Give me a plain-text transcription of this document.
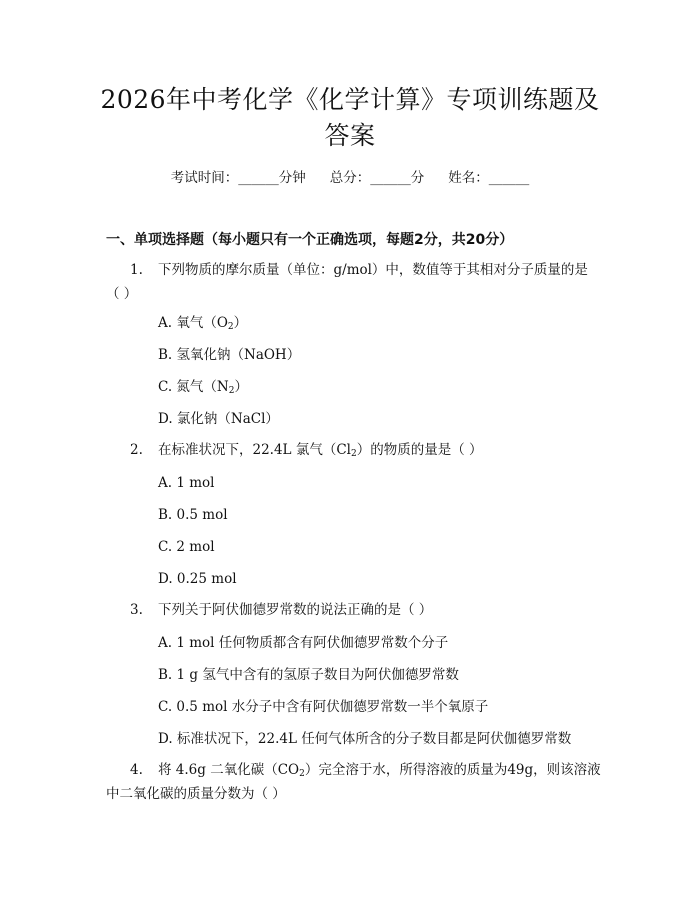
2026年中考化学《化学计算》专项训练题及
答案
考试时间：______分钟 总分：______分 姓名：______
一、单项选择题（每小题只有一个正确选项，每题2分，共20分）
1. 下列物质的摩尔质量（单位：g/mol）中，数值等于其相对分子质量的是
（ ）
A. 氧气$(O_2)$
B. 氢氧化钠（NaOH）
C. 氮气$(N_2)$
D. 氯化钠（NaCl）
2. 在标准状况下，22.4L 氯气$(Cl_2)$的物质的量是（ ）
A. 1 mol
B. 0.5 mol
C. 2 mol
D. 0.25 mol
3. 下列关于阿伏伽德罗常数的说法正确的是（ ）
A. 1 mol 任何物质都含有阿伏伽德罗常数个分子
B. 1 g 氢气中含有的氢原子数目为阿伏伽德罗常数
C. 0.5 mol 水分子中含有阿伏伽德罗常数一半个氧原子
D. 标准状况下，22.4L 任何气体所含的分子数目都是阿伏伽德罗常数
4. 将 4.6g 二氧化碳$(CO_2)$完全溶于水，所得溶液的质量为49g，则该溶液
中二氧化碳的质量分数为（ ）
